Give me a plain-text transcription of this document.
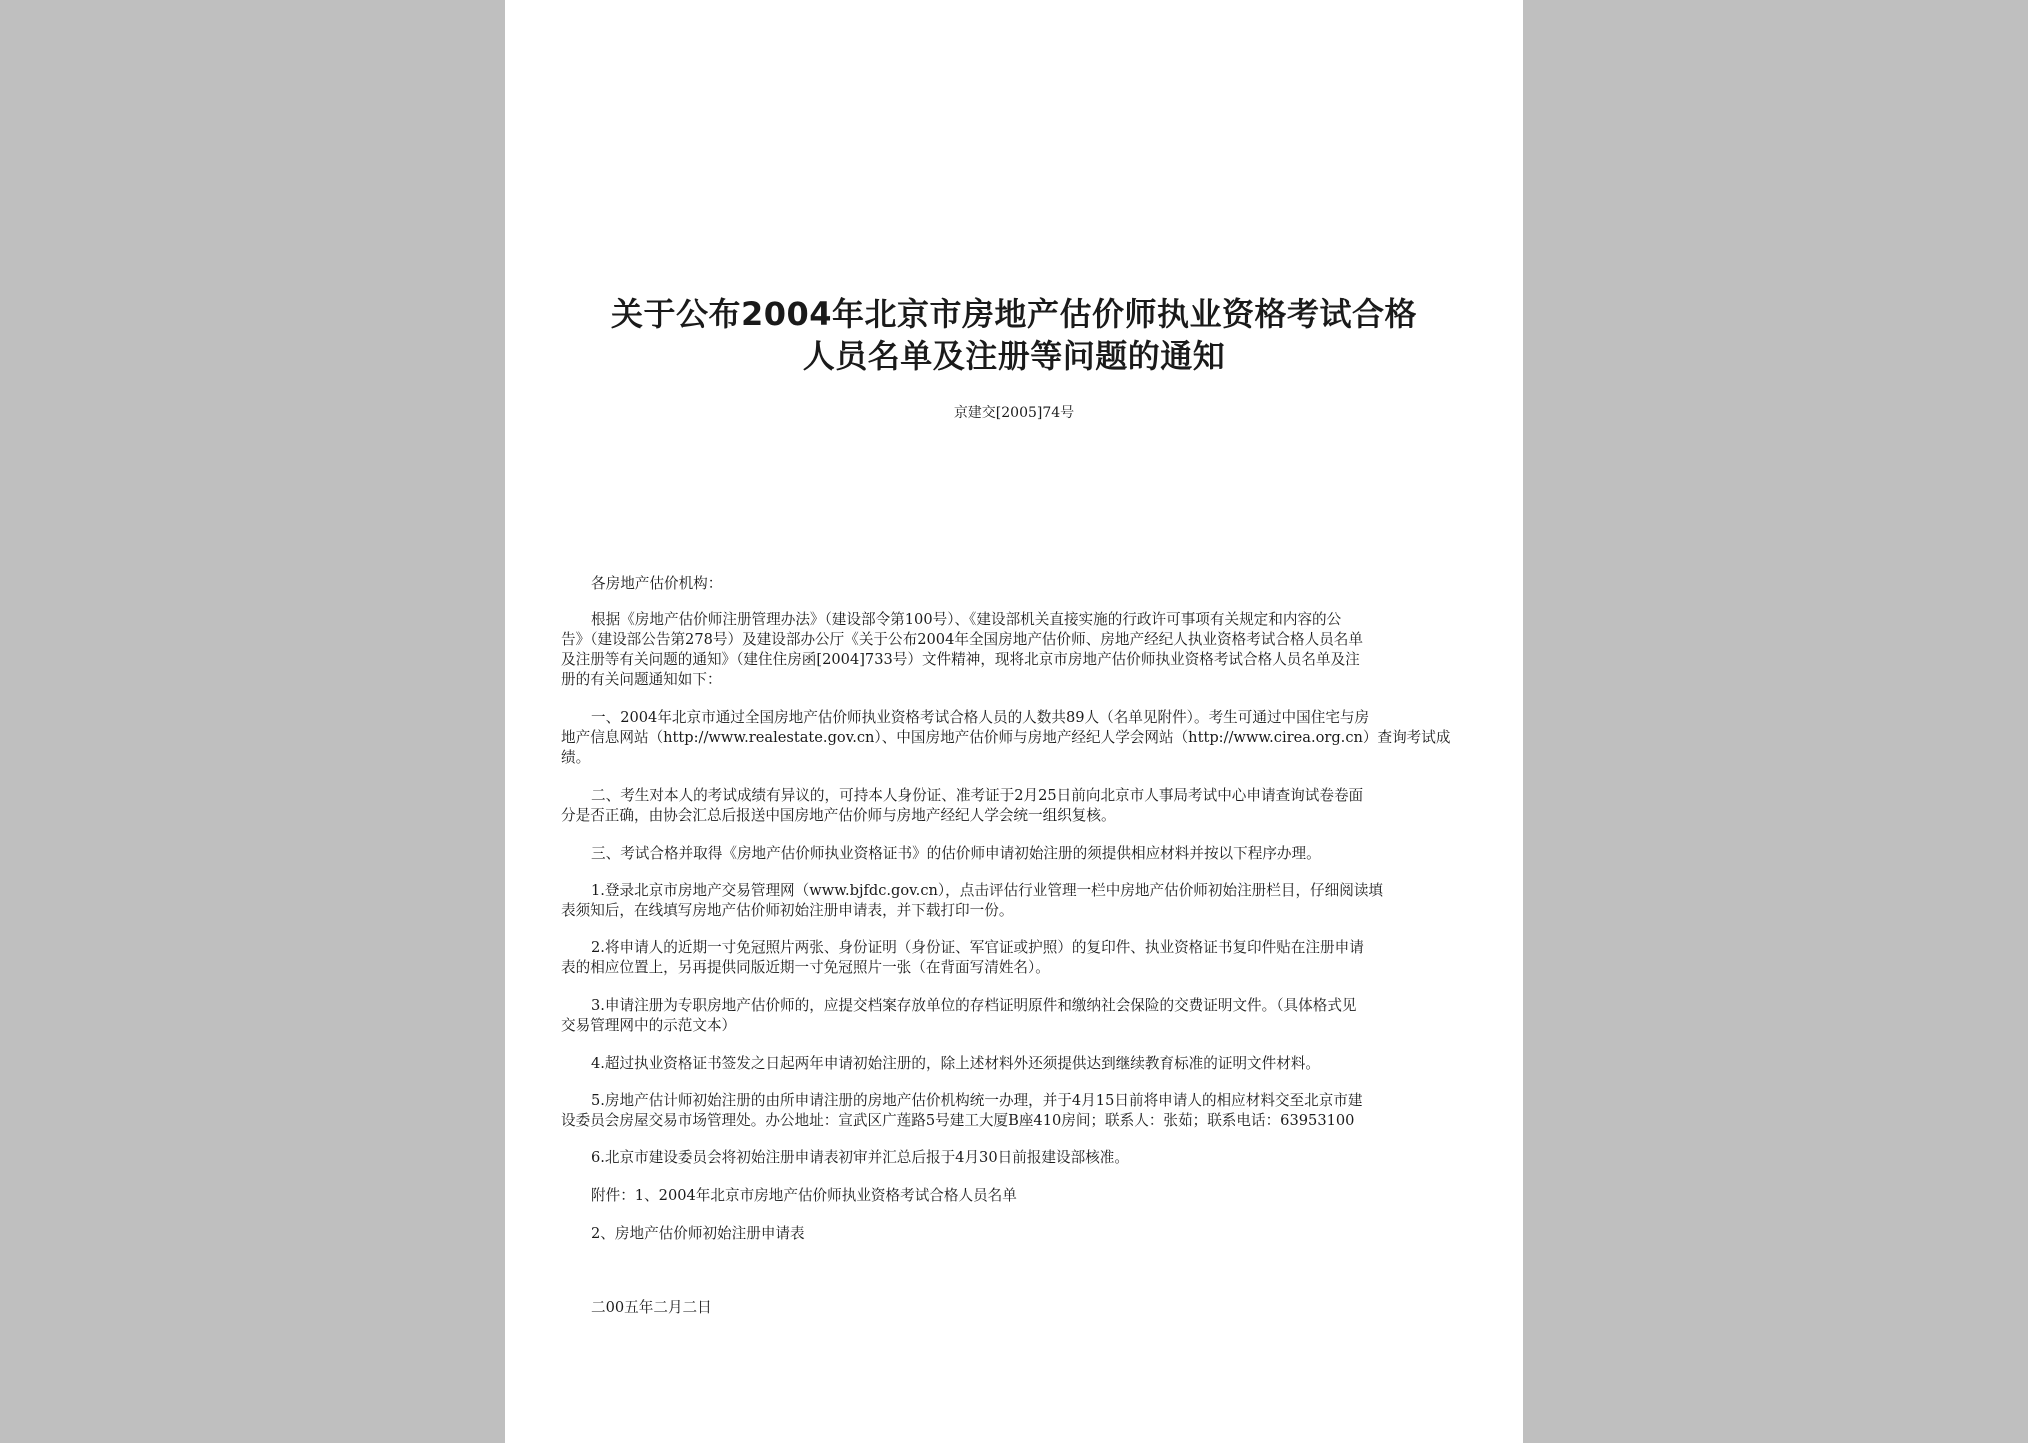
关于公布2004年北京市房地产估价师执业资格考试合格
人员名单及注册等问题的通知
京建交[2005]74号

各房地产估价机构：

根据《房地产估价师注册管理办法》（建设部令第100号）、《建设部机关直接实施的行政许可事项有关规定和内容的公
告》（建设部公告第278号）及建设部办公厅《关于公布2004年全国房地产估价师、房地产经纪人执业资格考试合格人员名单
及注册等有关问题的通知》（建住住房函[2004]733号）文件精神，现将北京市房地产估价师执业资格考试合格人员名单及注
册的有关问题通知如下：

一、2004年北京市通过全国房地产估价师执业资格考试合格人员的人数共89人（名单见附件）。考生可通过中国住宅与房
地产信息网站（http://www.realestate.gov.cn）、中国房地产估价师与房地产经纪人学会网站（http://www.cirea.org.cn）查询考试成
绩。

二、考生对本人的考试成绩有异议的，可持本人身份证、准考证于2月25日前向北京市人事局考试中心申请查询试卷卷面
分是否正确，由协会汇总后报送中国房地产估价师与房地产经纪人学会统一组织复核。

三、考试合格并取得《房地产估价师执业资格证书》的估价师申请初始注册的须提供相应材料并按以下程序办理。

1.登录北京市房地产交易管理网（www.bjfdc.gov.cn），点击评估行业管理一栏中房地产估价师初始注册栏目，仔细阅读填
表须知后，在线填写房地产估价师初始注册申请表，并下载打印一份。

2.将申请人的近期一寸免冠照片两张、身份证明（身份证、军官证或护照）的复印件、执业资格证书复印件贴在注册申请
表的相应位置上，另再提供同版近期一寸免冠照片一张（在背面写清姓名）。

3.申请注册为专职房地产估价师的，应提交档案存放单位的存档证明原件和缴纳社会保险的交费证明文件。（具体格式见
交易管理网中的示范文本）

4.超过执业资格证书签发之日起两年申请初始注册的，除上述材料外还须提供达到继续教育标准的证明文件材料。

5.房地产估计师初始注册的由所申请注册的房地产估价机构统一办理，并于4月15日前将申请人的相应材料交至北京市建
设委员会房屋交易市场管理处。办公地址：宣武区广莲路5号建工大厦B座410房间；联系人：张茹；联系电话：63953100

6.北京市建设委员会将初始注册申请表初审并汇总后报于4月30日前报建设部核准。

附件：1、2004年北京市房地产估价师执业资格考试合格人员名单

2、房地产估价师初始注册申请表

二00五年二月二日
